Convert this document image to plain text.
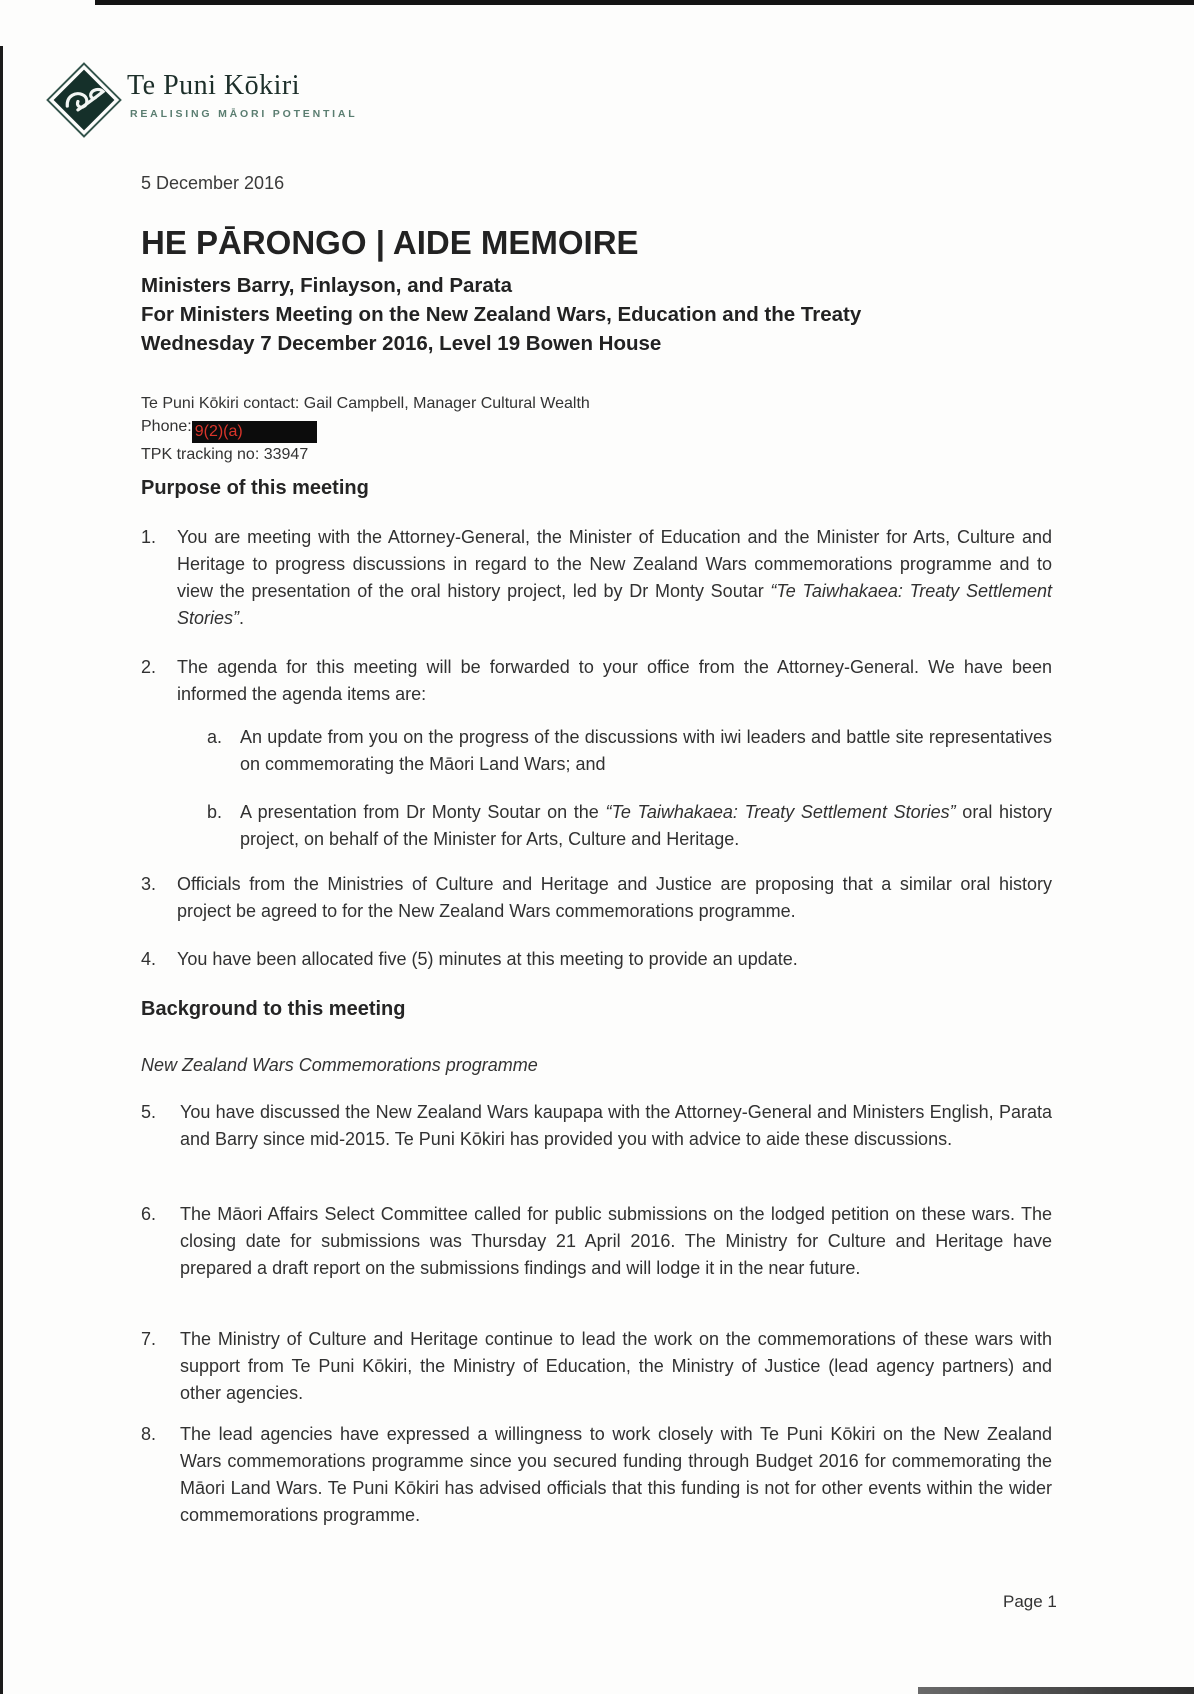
Te Puni Kōkiri
REALISING MĀORI POTENTIAL
5 December 2016
HE PĀRONGO | AIDE MEMOIRE
Ministers Barry, Finlayson, and Parata
For Ministers Meeting on the New Zealand Wars, Education and the Treaty
Wednesday 7 December 2016, Level 19 Bowen House
Te Puni Kōkiri contact: Gail Campbell, Manager Cultural Wealth
Phone: 9(2)(a)
TPK tracking no: 33947
Purpose of this meeting
1. You are meeting with the Attorney-General, the Minister of Education and the Minister for Arts, Culture and Heritage to progress discussions in regard to the New Zealand Wars commemorations programme and to view the presentation of the oral history project, led by Dr Monty Soutar “Te Taiwhakaea: Treaty Settlement Stories”.
2. The agenda for this meeting will be forwarded to your office from the Attorney-General. We have been informed the agenda items are:
a. An update from you on the progress of the discussions with iwi leaders and battle site representatives on commemorating the Māori Land Wars; and
b. A presentation from Dr Monty Soutar on the “Te Taiwhakaea: Treaty Settlement Stories” oral history project, on behalf of the Minister for Arts, Culture and Heritage.
3. Officials from the Ministries of Culture and Heritage and Justice are proposing that a similar oral history project be agreed to for the New Zealand Wars commemorations programme.
4. You have been allocated five (5) minutes at this meeting to provide an update.
Background to this meeting
New Zealand Wars Commemorations programme
5. You have discussed the New Zealand Wars kaupapa with the Attorney-General and Ministers English, Parata and Barry since mid-2015. Te Puni Kōkiri has provided you with advice to aide these discussions.
6. The Māori Affairs Select Committee called for public submissions on the lodged petition on these wars. The closing date for submissions was Thursday 21 April 2016. The Ministry for Culture and Heritage have prepared a draft report on the submissions findings and will lodge it in the near future.
7. The Ministry of Culture and Heritage continue to lead the work on the commemorations of these wars with support from Te Puni Kōkiri, the Ministry of Education, the Ministry of Justice (lead agency partners) and other agencies.
8. The lead agencies have expressed a willingness to work closely with Te Puni Kōkiri on the New Zealand Wars commemorations programme since you secured funding through Budget 2016 for commemorating the Māori Land Wars. Te Puni Kōkiri has advised officials that this funding is not for other events within the wider commemorations programme.
Page 1
